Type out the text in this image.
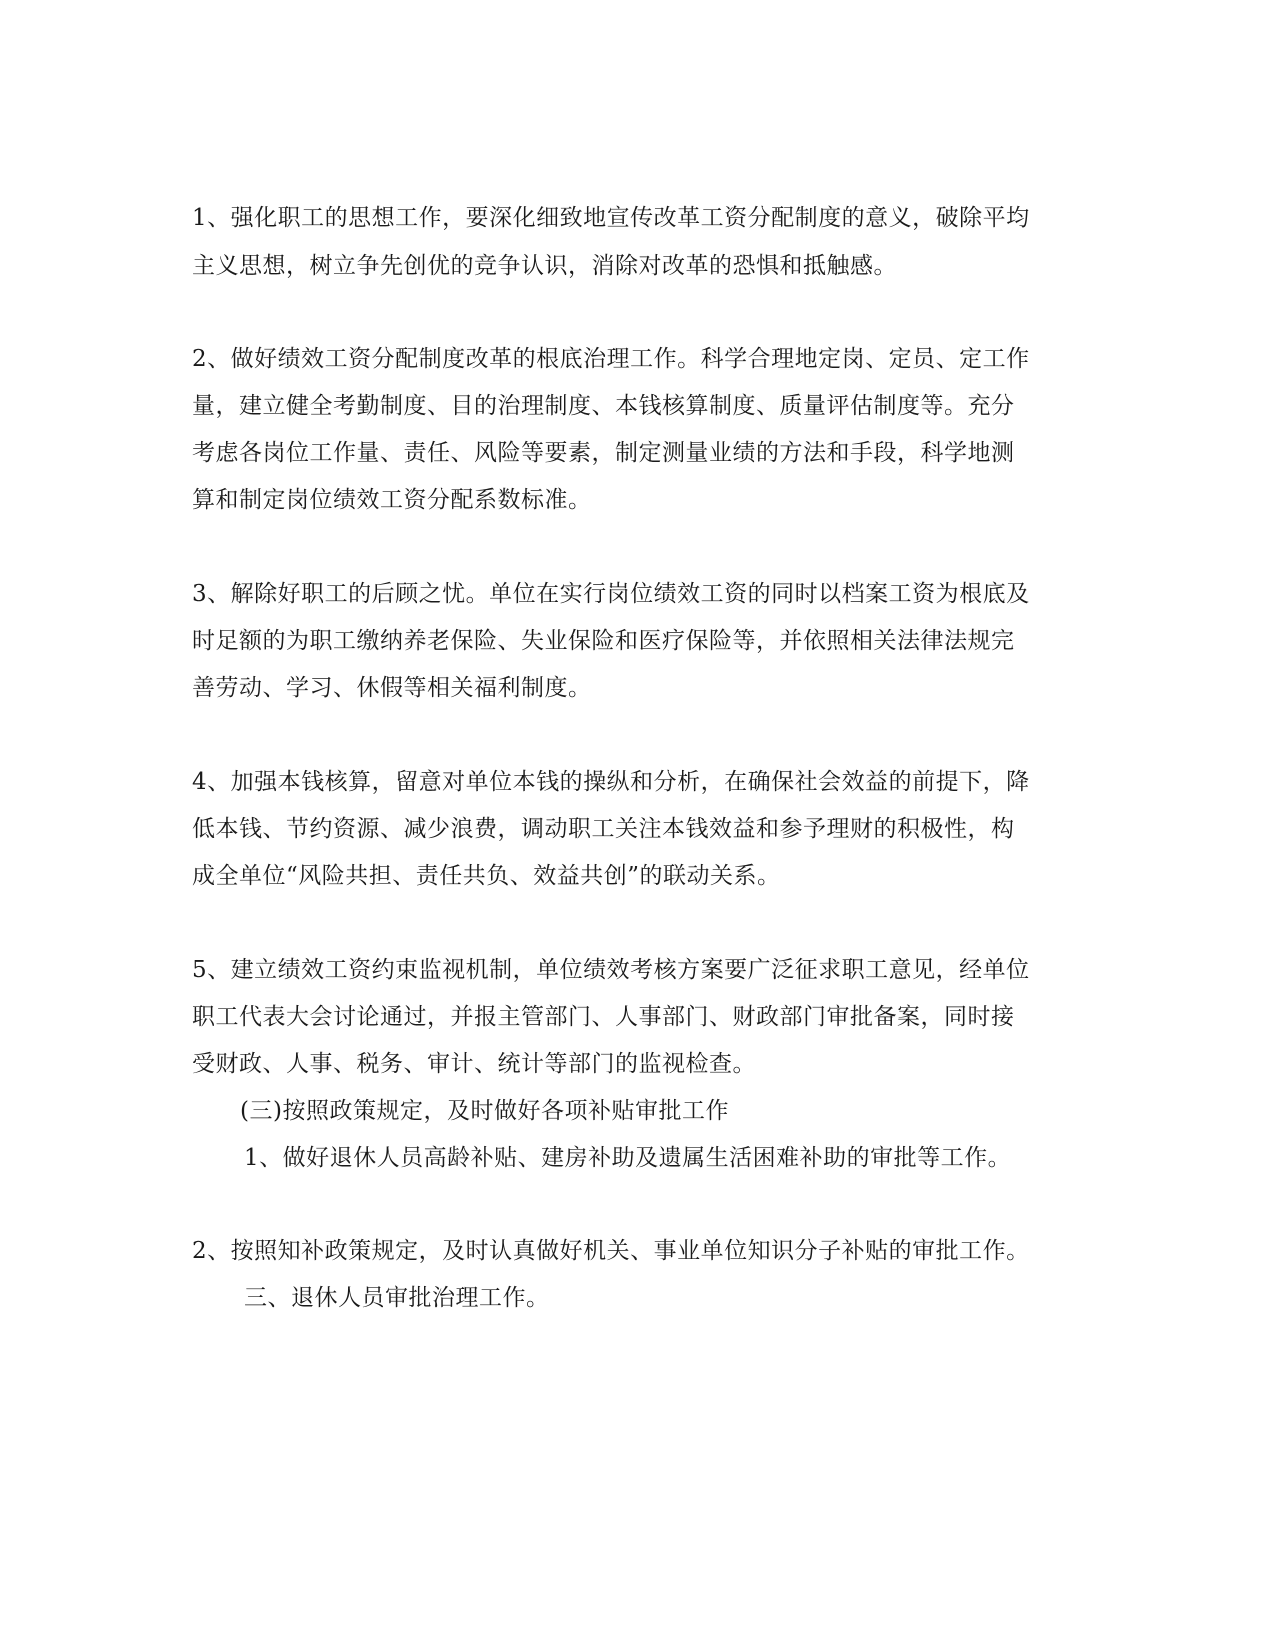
1、强化职工的思想工作，要深化细致地宣传改革工资分配制度的意义，破除平均
主义思想，树立争先创优的竞争认识，消除对改革的恐惧和抵触感。
2、做好绩效工资分配制度改革的根底治理工作。科学合理地定岗、定员、定工作
量，建立健全考勤制度、目的治理制度、本钱核算制度、质量评估制度等。充分
考虑各岗位工作量、责任、风险等要素，制定测量业绩的方法和手段，科学地测
算和制定岗位绩效工资分配系数标准。
3、解除好职工的后顾之忧。单位在实行岗位绩效工资的同时以档案工资为根底及
时足额的为职工缴纳养老保险、失业保险和医疗保险等，并依照相关法律法规完
善劳动、学习、休假等相关福利制度。
4、加强本钱核算，留意对单位本钱的操纵和分析，在确保社会效益的前提下，降
低本钱、节约资源、减少浪费，调动职工关注本钱效益和参予理财的积极性，构
成全单位“风险共担、责任共负、效益共创”的联动关系。
5、建立绩效工资约束监视机制，单位绩效考核方案要广泛征求职工意见，经单位
职工代表大会讨论通过，并报主管部门、人事部门、财政部门审批备案，同时接
受财政、人事、税务、审计、统计等部门的监视检查。
(三)按照政策规定，及时做好各项补贴审批工作
1、做好退休人员高龄补贴、建房补助及遗属生活困难补助的审批等工作。
2、按照知补政策规定，及时认真做好机关、事业单位知识分子补贴的审批工作。
三、退休人员审批治理工作。
